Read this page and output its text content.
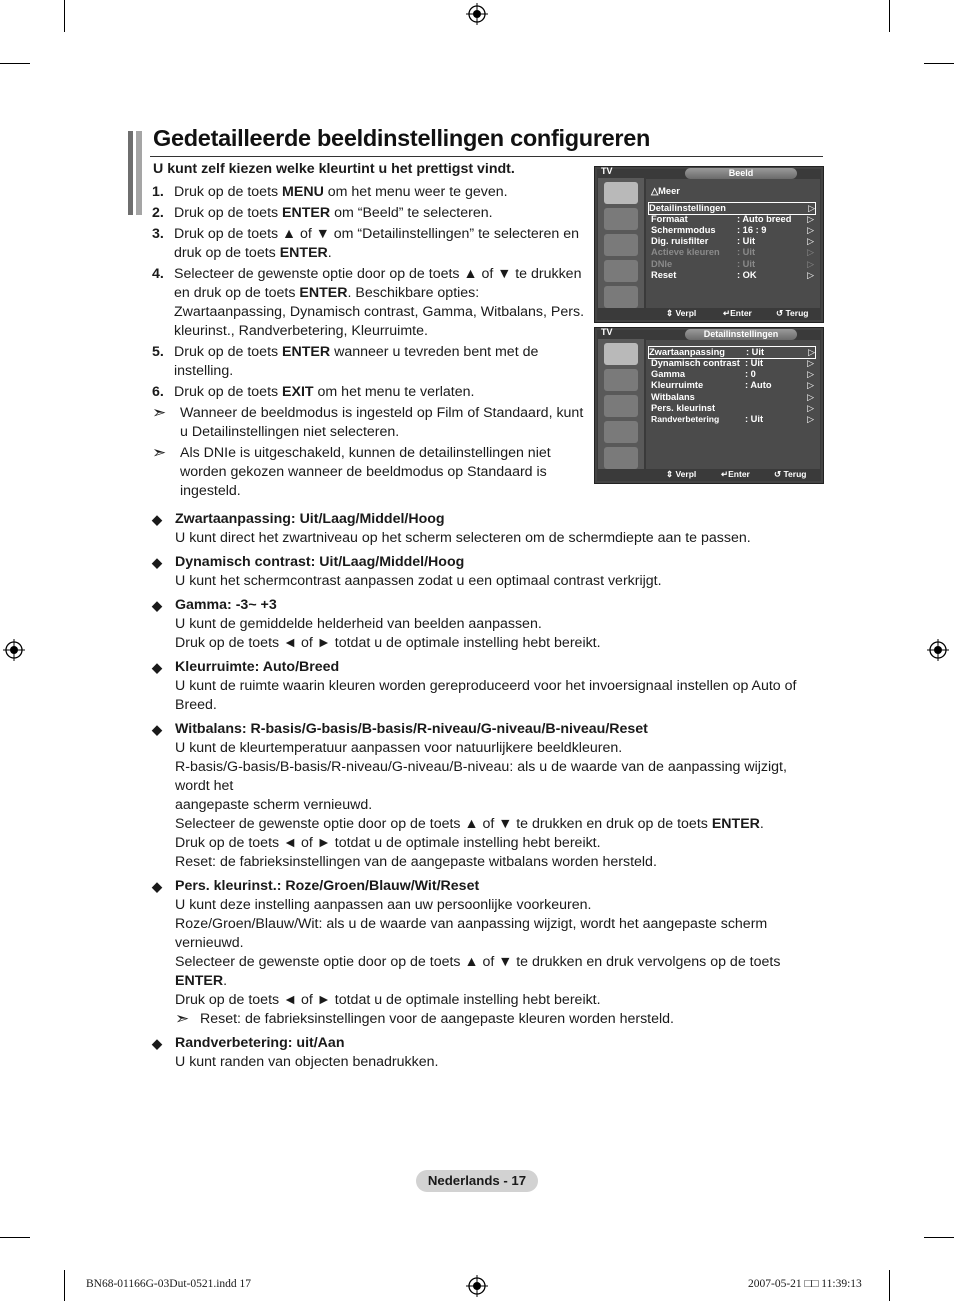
Gedetailleerde beeldinstellingen configureren
U kunt zelf kiezen welke kleurtint u het prettigst vindt.
1. Druk op de toets MENU om het menu weer te geven.
2. Druk op de toets ENTER om “Beeld” te selecteren.
3. Druk op de toets ▲ of ▼ om “Detailinstellingen” te selecteren en druk op de toets ENTER.
4. Selecteer de gewenste optie door op de toets ▲ of ▼ te drukken en druk op de toets ENTER. Beschikbare opties: Zwartaanpassing, Dynamisch contrast, Gamma, Witbalans, Pers. kleurinst., Randverbetering, Kleurruimte.
5. Druk op de toets ENTER wanneer u tevreden bent met de instelling.
6. Druk op de toets EXIT om het menu te verlaten.
➣ Wanneer de beeldmodus is ingesteld op Film of Standaard, kunt u Detailinstellingen niet selecteren.
➣ Als DNIe is uitgeschakeld, kunnen de detailinstellingen niet worden gekozen wanneer de beeldmodus op Standaard is ingesteld.
TV	Beeld
△Meer
Detailinstellingen	▷
Formaat	: Auto breed ▷
Schermmodus : 16 : 9	▷
Dig. ruisfilter	: Uit	▷
Actieve kleuren : Uit	▷
DNIe	: Uit	▷
Reset	: OK	▷
⇕ Verpl	↵Enter	↺ Terug
TV	Detailinstellingen
Zwartaanpassing : Uit	▷
Dynamisch contrast : Uit	▷
Gamma	: 0	▷
Kleurruimte	: Auto	▷
Witbalans	▷
Pers. kleurinst	▷
Randverbetering	: Uit	▷
⇕ Verpl	↵Enter	↺ Terug
◆ Zwartaanpassing: Uit/Laag/Middel/Hoog

U kunt direct het zwartniveau op het scherm selecteren om de schermdiepte aan te passen.

◆ Dynamisch contrast: Uit/Laag/Middel/Hoog

U kunt het schermcontrast aanpassen zodat u een optimaal contrast verkrijgt.

◆ Gamma: -3~ +3

U kunt de gemiddelde helderheid van beelden aanpassen.

Druk op de toets ◄ of ► totdat u de optimale instelling hebt bereikt.

◆ Kleurruimte: Auto/Breed

U kunt de ruimte waarin kleuren worden gereproduceerd voor het invoersignaal instellen op Auto of Breed.

◆ Witbalans: R-basis/G-basis/B-basis/R-niveau/G-niveau/B-niveau/Reset

U kunt de kleurtemperatuur aanpassen voor natuurlijkere beeldkleuren.

R-basis/G-basis/B-basis/R-niveau/G-niveau/B-niveau: als u de waarde van de aanpassing wijzigt, wordt het

aangepaste scherm vernieuwd.

Selecteer de gewenste optie door op de toets ▲ of ▼ te drukken en druk op de toets ENTER.

Druk op de toets ◄ of ► totdat u de optimale instelling hebt bereikt.

Reset: de fabrieksinstellingen van de aangepaste witbalans worden hersteld.

◆ Pers. kleurinst.: Roze/Groen/Blauw/Wit/Reset

U kunt deze instelling aanpassen aan uw persoonlijke voorkeuren.

Roze/Groen/Blauw/Wit: als u de waarde van aanpassing wijzigt, wordt het aangepaste scherm vernieuwd.

Selecteer de gewenste optie door op de toets ▲ of ▼ te drukken en druk vervolgens op de toets ENTER.

Druk op de toets ◄ of ► totdat u de optimale instelling hebt bereikt.

➣ Reset: de fabrieksinstellingen voor de aangepaste kleuren worden hersteld.
◆ Randverbetering: uit/Aan

U kunt randen van objecten benadrukken.

Nederlands - 17
BN68-01166G-03Dut-0521.indd 17	2007-05-21 □□ 11:39:13
